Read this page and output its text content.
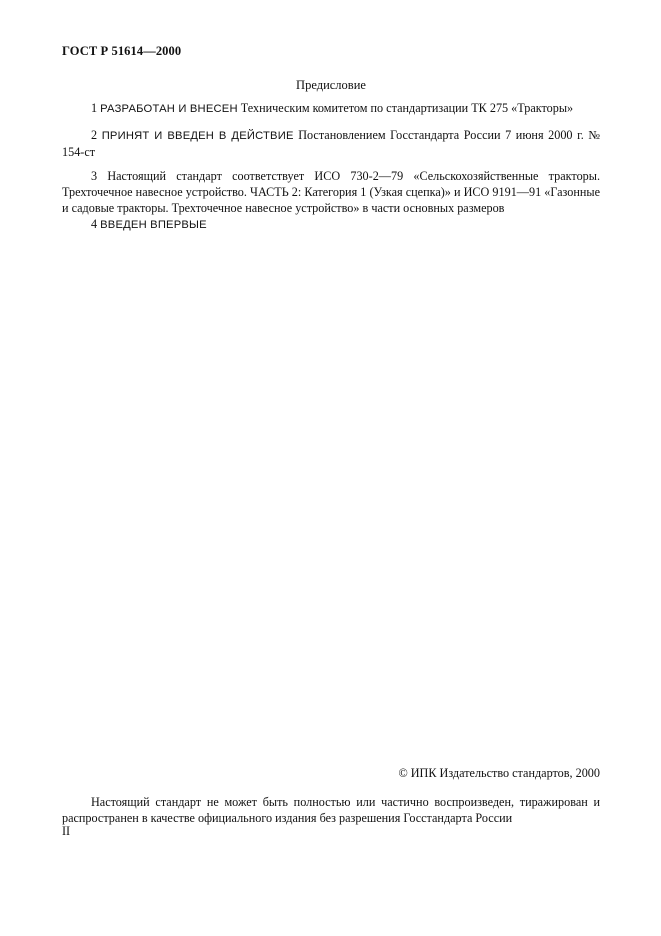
ГОСТ Р 51614—2000
Предисловие
1 РАЗРАБОТАН И ВНЕСЕН Техническим комитетом по стандартизации ТК 275 «Тракторы»
2 ПРИНЯТ И ВВЕДЕН В ДЕЙСТВИЕ Постановлением Госстандарта России 7 июня 2000 г. № 154-ст
3 Настоящий стандарт соответствует ИСО 730-2—79 «Сельскохозяйственные тракторы. Трехточечное навесное устройство. ЧАСТЬ 2: Категория 1 (Узкая сцепка)» и ИСО 9191—91 «Газонные и садовые тракторы. Трехточечное навесное устройство» в части основных размеров
4 ВВЕДЕН ВПЕРВЫЕ
© ИПК Издательство стандартов, 2000
Настоящий стандарт не может быть полностью или частично воспроизведен, тиражирован и распространен в качестве официального издания без разрешения Госстандарта России
II
